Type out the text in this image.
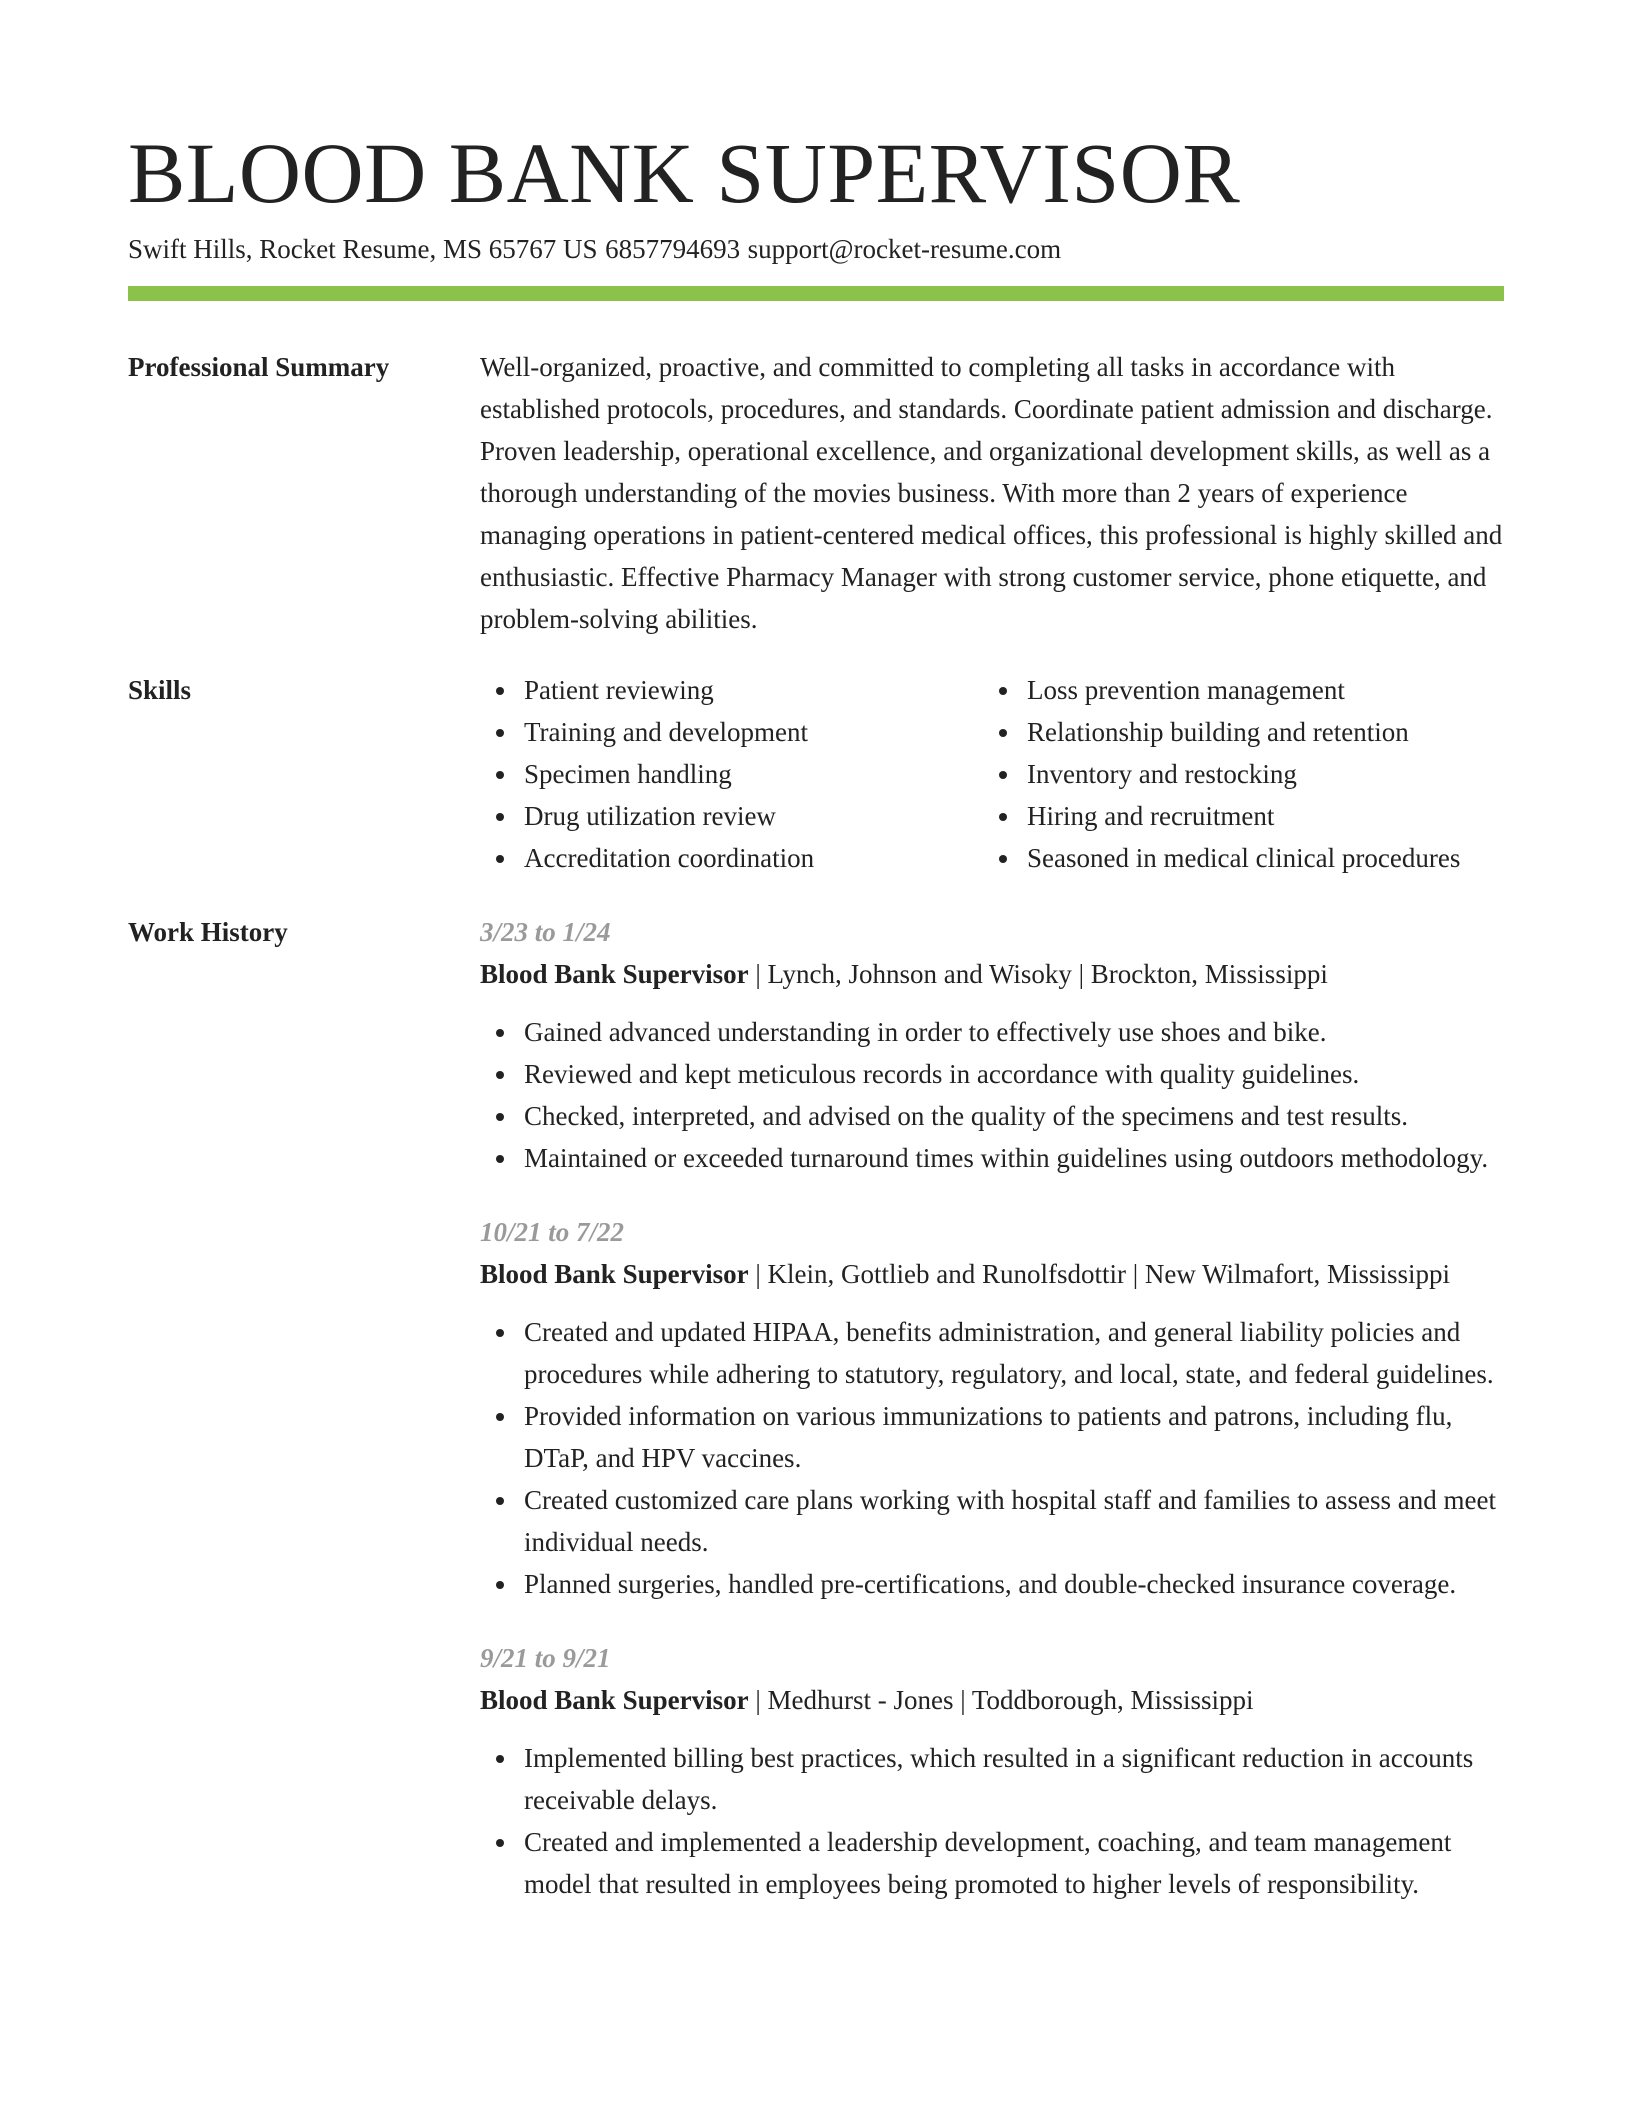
BLOOD BANK SUPERVISOR
Swift Hills, Rocket Resume, MS 65767 US 6857794693 support@rocket-resume.com
Professional Summary	Well-organized, proactive, and committed to completing all tasks in accordance with established protocols, procedures, and standards. Coordinate patient admission and discharge. Proven leadership, operational excellence, and organizational development skills, as well as a thorough understanding of the movies business. With more than 2 years of experience managing operations in patient-centered medical offices, this professional is highly skilled and enthusiastic. Effective Pharmacy Manager with strong customer service, phone etiquette, and problem-solving abilities.

Skills	Patient reviewing
Training and development
Specimen handling
Drug utilization review
Accreditation coordination
Loss prevention management
Relationship building and retention
Inventory and restocking
Hiring and recruitment
Seasoned in medical clinical procedures
Work History	3/23 to 1/24
Blood Bank Supervisor | Lynch, Johnson and Wisoky | Brockton, Mississippi
Gained advanced understanding in order to effectively use shoes and bike.
Reviewed and kept meticulous records in accordance with quality guidelines.
Checked, interpreted, and advised on the quality of the specimens and test results.
Maintained or exceeded turnaround times within guidelines using outdoors methodology.
10/21 to 7/22
Blood Bank Supervisor | Klein, Gottlieb and Runolfsdottir | New Wilmafort, Mississippi
Created and updated HIPAA, benefits administration, and general liability policies and procedures while adhering to statutory, regulatory, and local, state, and federal guidelines.
Provided information on various immunizations to patients and patrons, including flu, DTaP, and HPV vaccines.
Created customized care plans working with hospital staff and families to assess and meet individual needs.
Planned surgeries, handled pre-certifications, and double-checked insurance coverage.
9/21 to 9/21
Blood Bank Supervisor | Medhurst - Jones | Toddborough, Mississippi
Implemented billing best practices, which resulted in a significant reduction in accounts receivable delays.
Created and implemented a leadership development, coaching, and team management model that resulted in employees being promoted to higher levels of responsibility.
